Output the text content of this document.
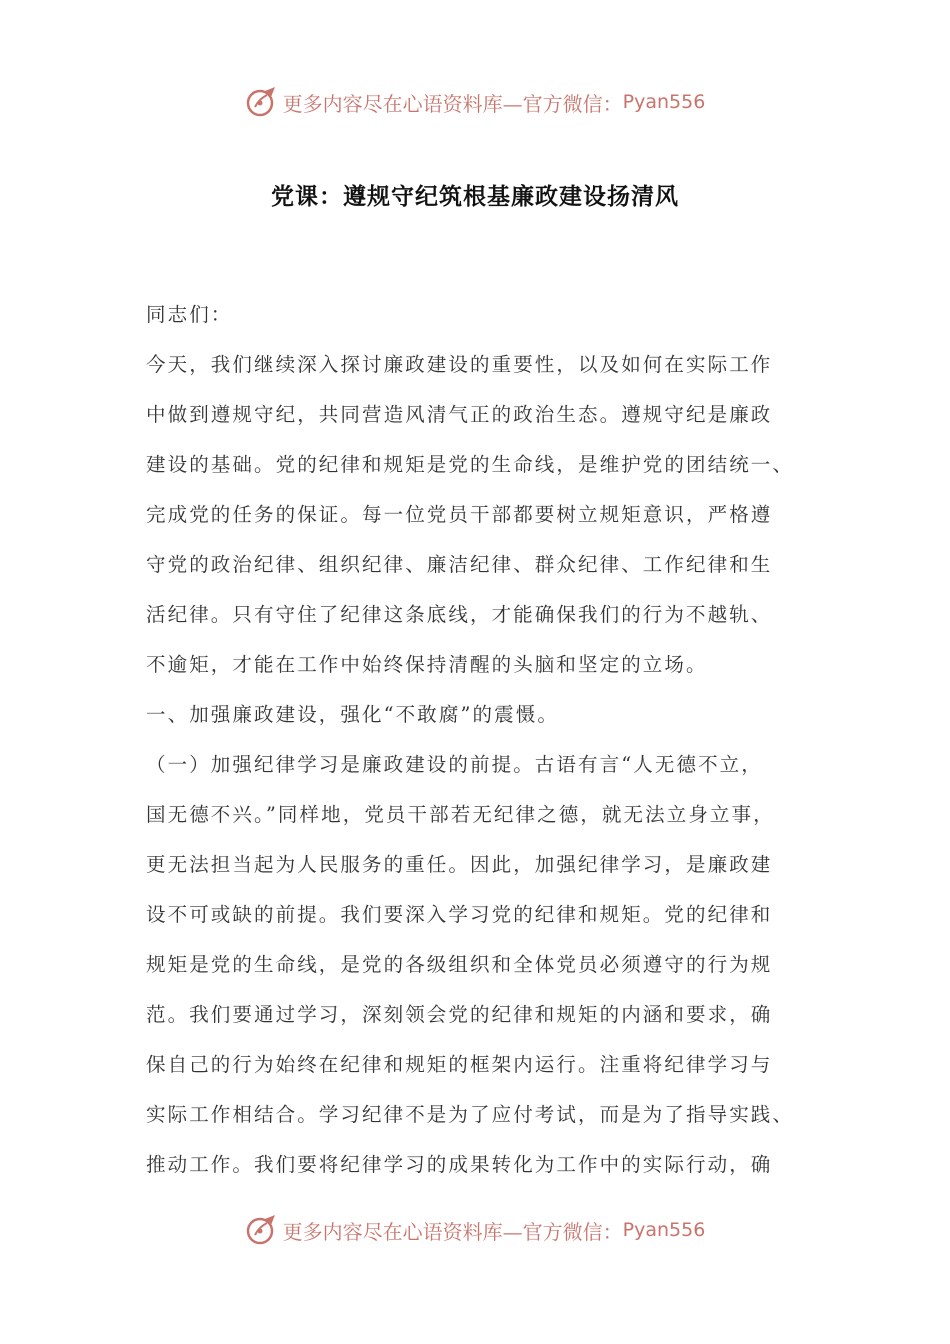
更多内容尽在心语资料库—官方微信： Pyan556
党课：遵规守纪筑根基廉政建设扬清风
同志们：
今天，我们继续深入探讨廉政建设的重要性，以及如何在实际工作
中做到遵规守纪，共同营造风清气正的政治生态。遵规守纪是廉政
建设的基础。党的纪律和规矩是党的生命线，是维护党的团结统一、
完成党的任务的保证。每一位党员干部都要树立规矩意识，严格遵
守党的政治纪律、组织纪律、廉洁纪律、群众纪律、工作纪律和生
活纪律。只有守住了纪律这条底线，才能确保我们的行为不越轨、
不逾矩，才能在工作中始终保持清醒的头脑和坚定的立场。
一、加强廉政建设，强化“不敢腐”的震慑。
（一）加强纪律学习是廉政建设的前提。古语有言“人无德不立，
国无德不兴。”同样地，党员干部若无纪律之德，就无法立身立事，
更无法担当起为人民服务的重任。因此，加强纪律学习，是廉政建
设不可或缺的前提。我们要深入学习党的纪律和规矩。党的纪律和
规矩是党的生命线，是党的各级组织和全体党员必须遵守的行为规
范。我们要通过学习，深刻领会党的纪律和规矩的内涵和要求，确
保自己的行为始终在纪律和规矩的框架内运行。注重将纪律学习与
实际工作相结合。学习纪律不是为了应付考试，而是为了指导实践、
推动工作。我们要将纪律学习的成果转化为工作中的实际行动，确
更多内容尽在心语资料库—官方微信： Pyan556
